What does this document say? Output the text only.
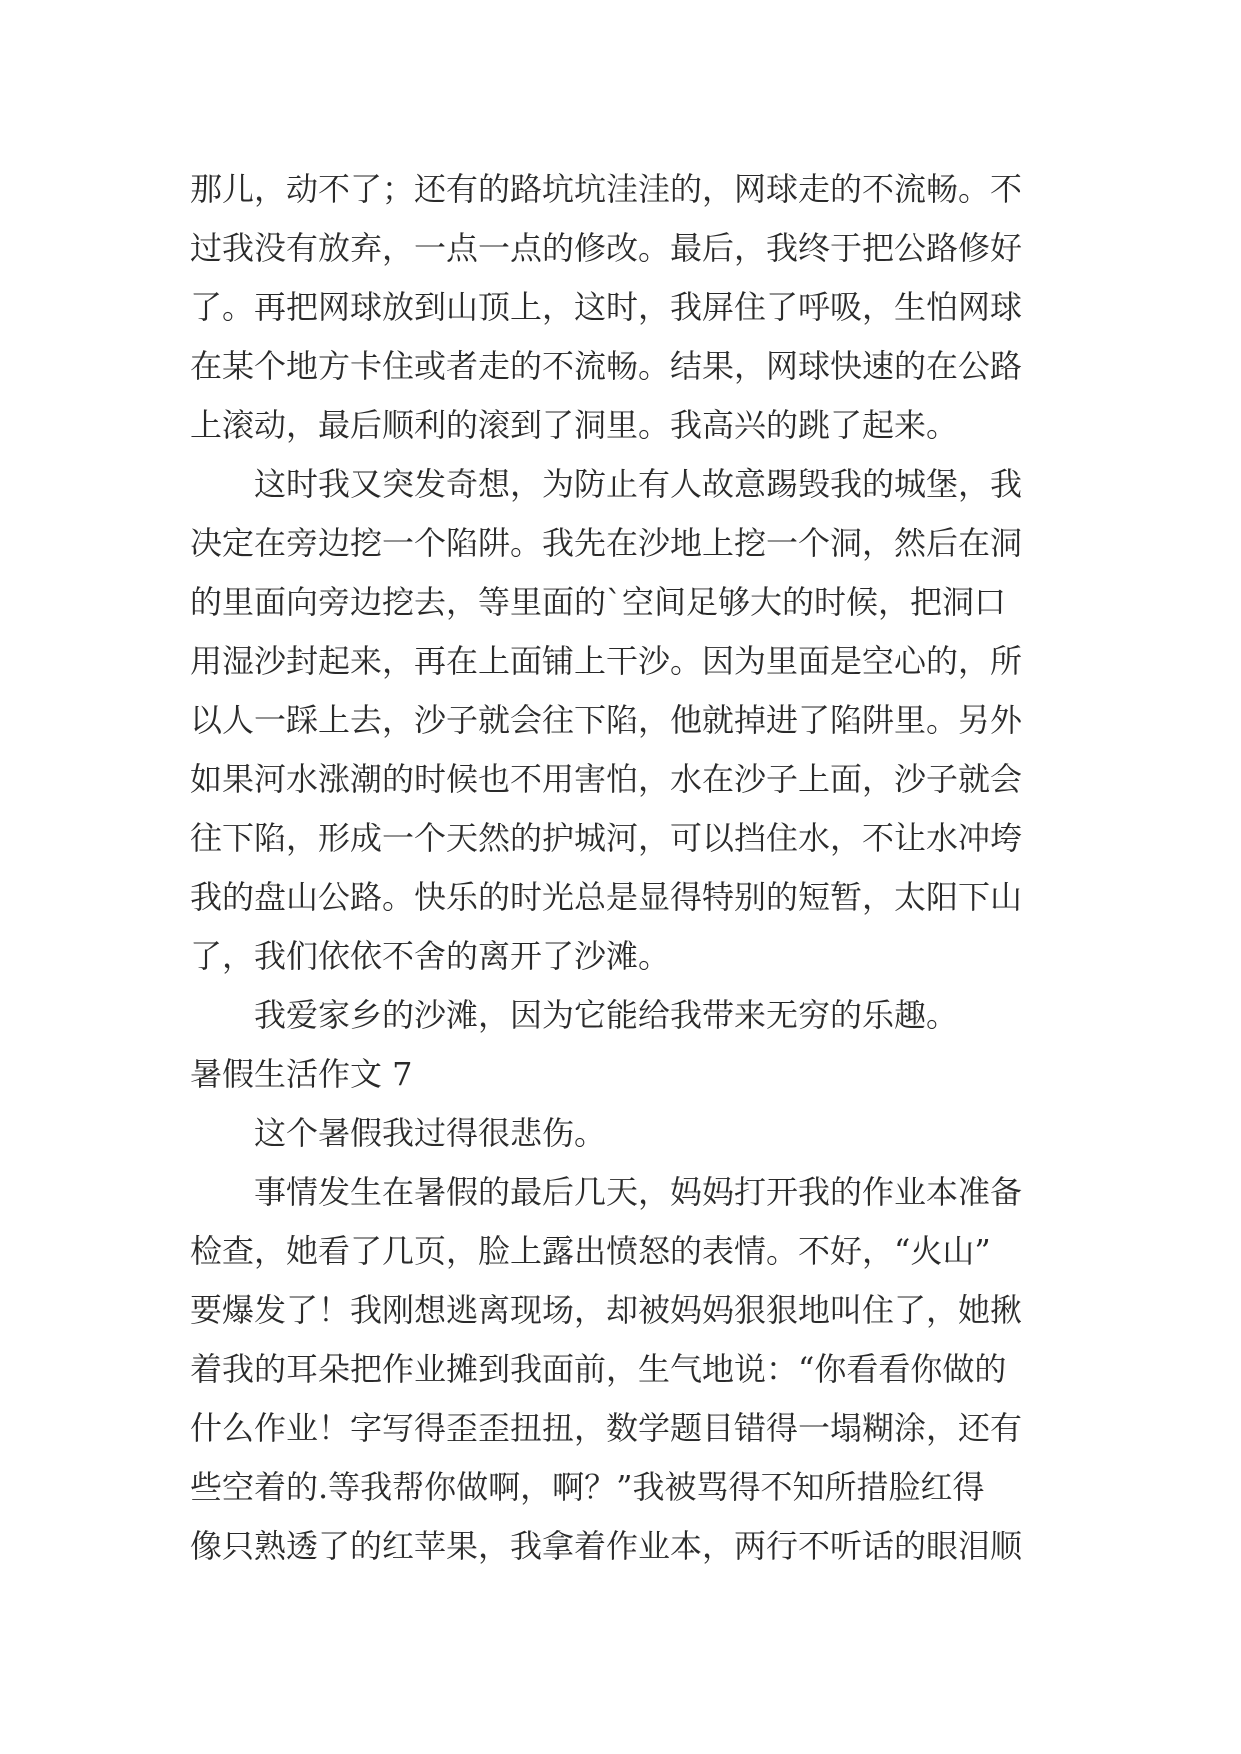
那儿，动不了；还有的路坑坑洼洼的，网球走的不流畅。不
过我没有放弃，一点一点的修改。最后，我终于把公路修好
了。再把网球放到山顶上，这时，我屏住了呼吸，生怕网球
在某个地方卡住或者走的不流畅。结果，网球快速的在公路
上滚动，最后顺利的滚到了洞里。我高兴的跳了起来。
这时我又突发奇想，为防止有人故意踢毁我的城堡，我
决定在旁边挖一个陷阱。我先在沙地上挖一个洞，然后在洞
的里面向旁边挖去，等里面的`空间足够大的时候，把洞口
用湿沙封起来，再在上面铺上干沙。因为里面是空心的，所
以人一踩上去，沙子就会往下陷，他就掉进了陷阱里。另外
如果河水涨潮的时候也不用害怕，水在沙子上面，沙子就会
往下陷，形成一个天然的护城河，可以挡住水，不让水冲垮
我的盘山公路。快乐的时光总是显得特别的短暂，太阳下山
了，我们依依不舍的离开了沙滩。
我爱家乡的沙滩，因为它能给我带来无穷的乐趣。
暑假生活作文 7
这个暑假我过得很悲伤。
事情发生在暑假的最后几天，妈妈打开我的作业本准备
检查，她看了几页，脸上露出愤怒的表情。不好，“火山”
要爆发了！我刚想逃离现场，却被妈妈狠狠地叫住了，她揪
着我的耳朵把作业摊到我面前，生气地说：“你看看你做的
什么作业！字写得歪歪扭扭，数学题目错得一塌糊涂，还有
些空着的.等我帮你做啊，啊？”我被骂得不知所措脸红得
像只熟透了的红苹果，我拿着作业本，两行不听话的眼泪顺
